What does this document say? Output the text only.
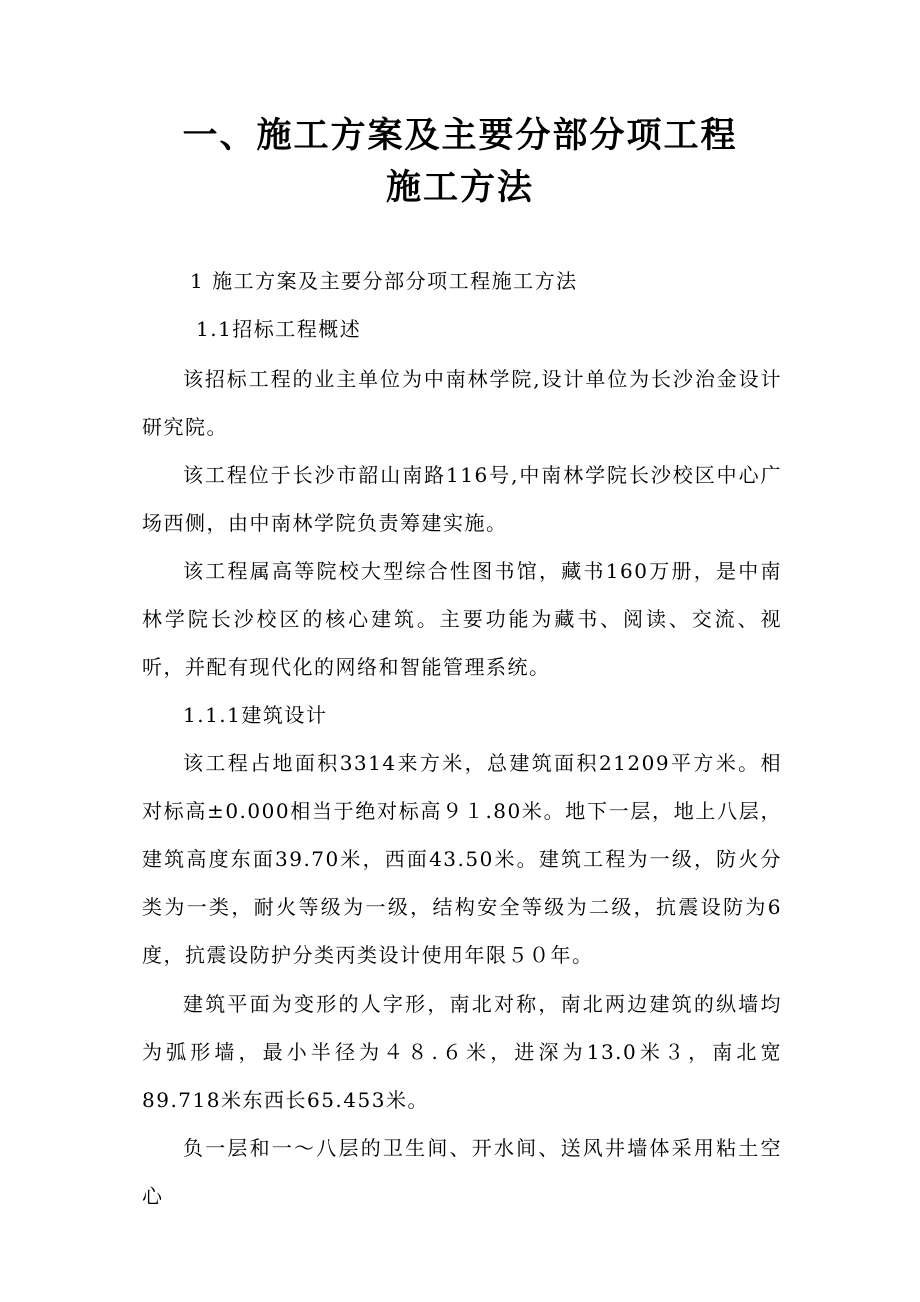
一、施工方案及主要分部分项工程
施工方法
1 施工方案及主要分部分项工程施工方法
1.1招标工程概述
该招标工程的业主单位为中南林学院,设计单位为长沙治金设计研究院。
该工程位于长沙市韶山南路116号,中南林学院长沙校区中心广场西侧，由中南林学院负责筹建实施。
该工程属高等院校大型综合性图书馆，藏书160万册，是中南林学院长沙校区的核心建筑。主要功能为藏书、阅读、交流、视听，并配有现代化的网络和智能管理系统。
1.1.1建筑设计
该工程占地面积3314来方米，总建筑面积21209平方米。相对标高±0.000相当于绝对标高９１.80米。地下一层，地上八层，建筑高度东面39.70米，西面43.50米。建筑工程为一级，防火分类为一类，耐火等级为一级，结构安全等级为二级，抗震设防为6度，抗震设防护分类丙类设计使用年限５０年。
建筑平面为变形的人字形，南北对称，南北两边建筑的纵墙均为弧形墙，最小半径为４８.６米，进深为13.0米３，南北宽89.718米东西长65.453米。
负一层和一～八层的卫生间、开水间、送风井墙体采用粘土空心
